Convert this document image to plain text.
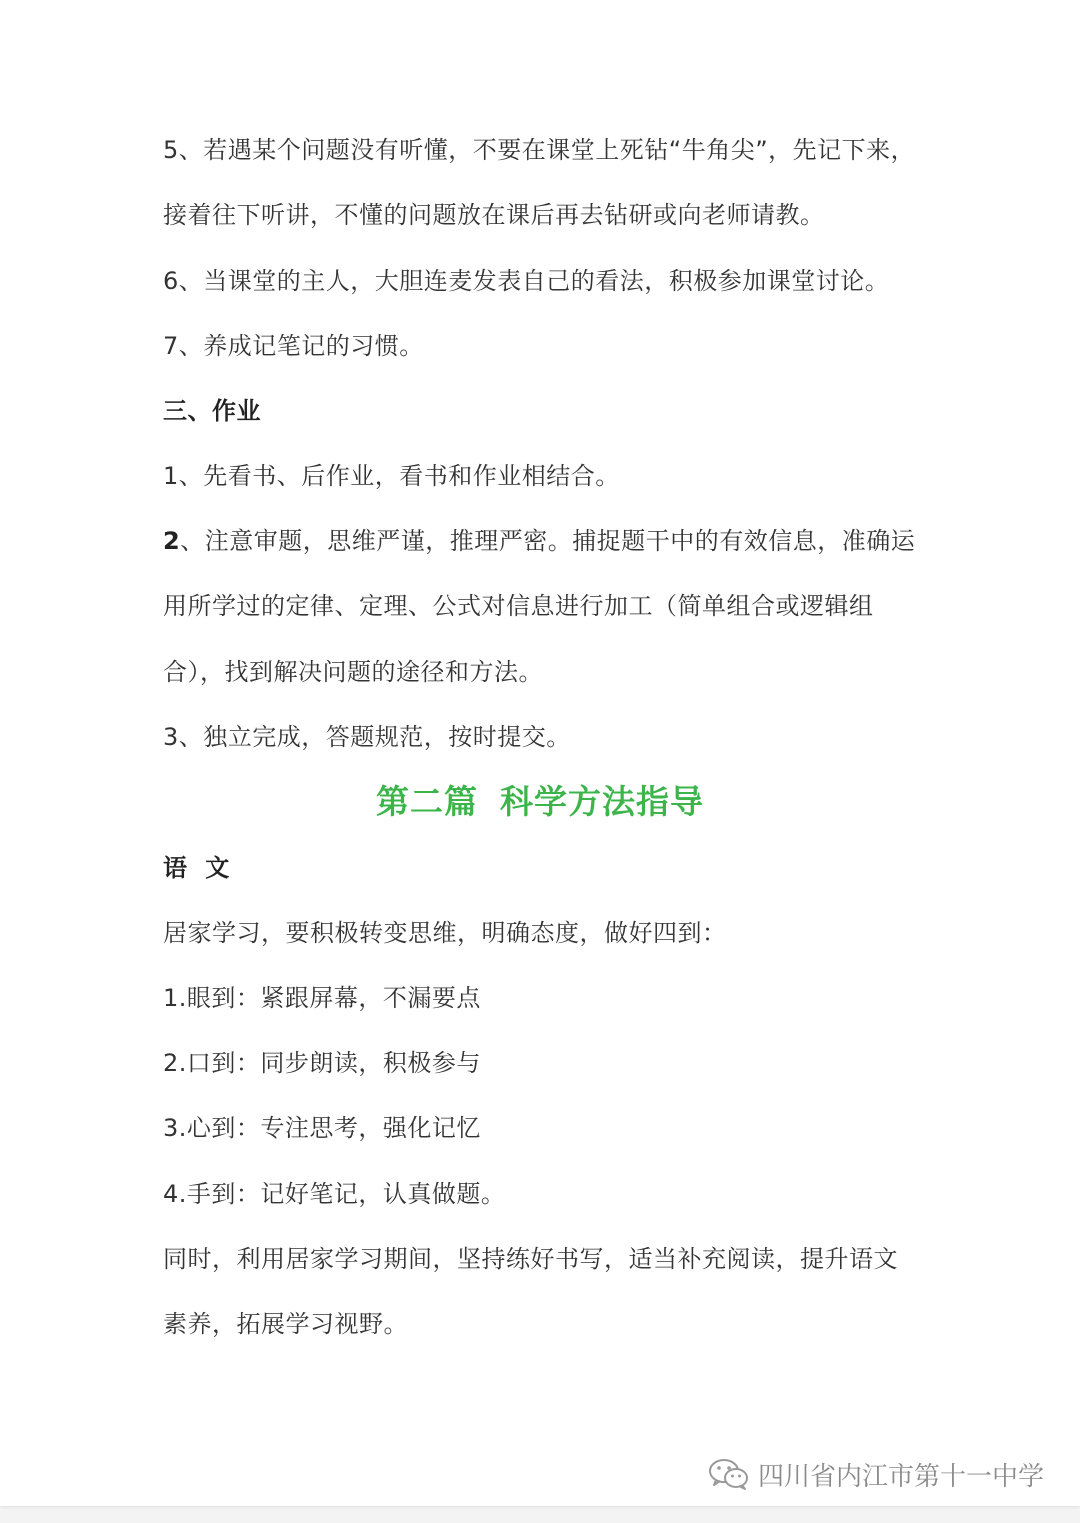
5、若遇某个问题没有听懂，不要在课堂上死钻“牛角尖”，先记下来，
接着往下听讲，不懂的问题放在课后再去钻研或向老师请教。
6、当课堂的主人，大胆连麦发表自己的看法，积极参加课堂讨论。
7、养成记笔记的习惯。
三、作业
1、先看书、后作业，看书和作业相结合。
2、注意审题，思维严谨，推理严密。捕捉题干中的有效信息，准确运
用所学过的定律、定理、公式对信息进行加工（简单组合或逻辑组
合），找到解决问题的途径和方法。
3、独立完成，答题规范，按时提交。
第二篇 科学方法指导
语  文
居家学习，要积极转变思维，明确态度，做好四到：
1.眼到：紧跟屏幕，不漏要点
2.口到：同步朗读，积极参与
3.心到：专注思考，强化记忆
4.手到：记好笔记，认真做题。
同时，利用居家学习期间，坚持练好书写，适当补充阅读，提升语文
素养，拓展学习视野。
四川省内江市第十一中学
